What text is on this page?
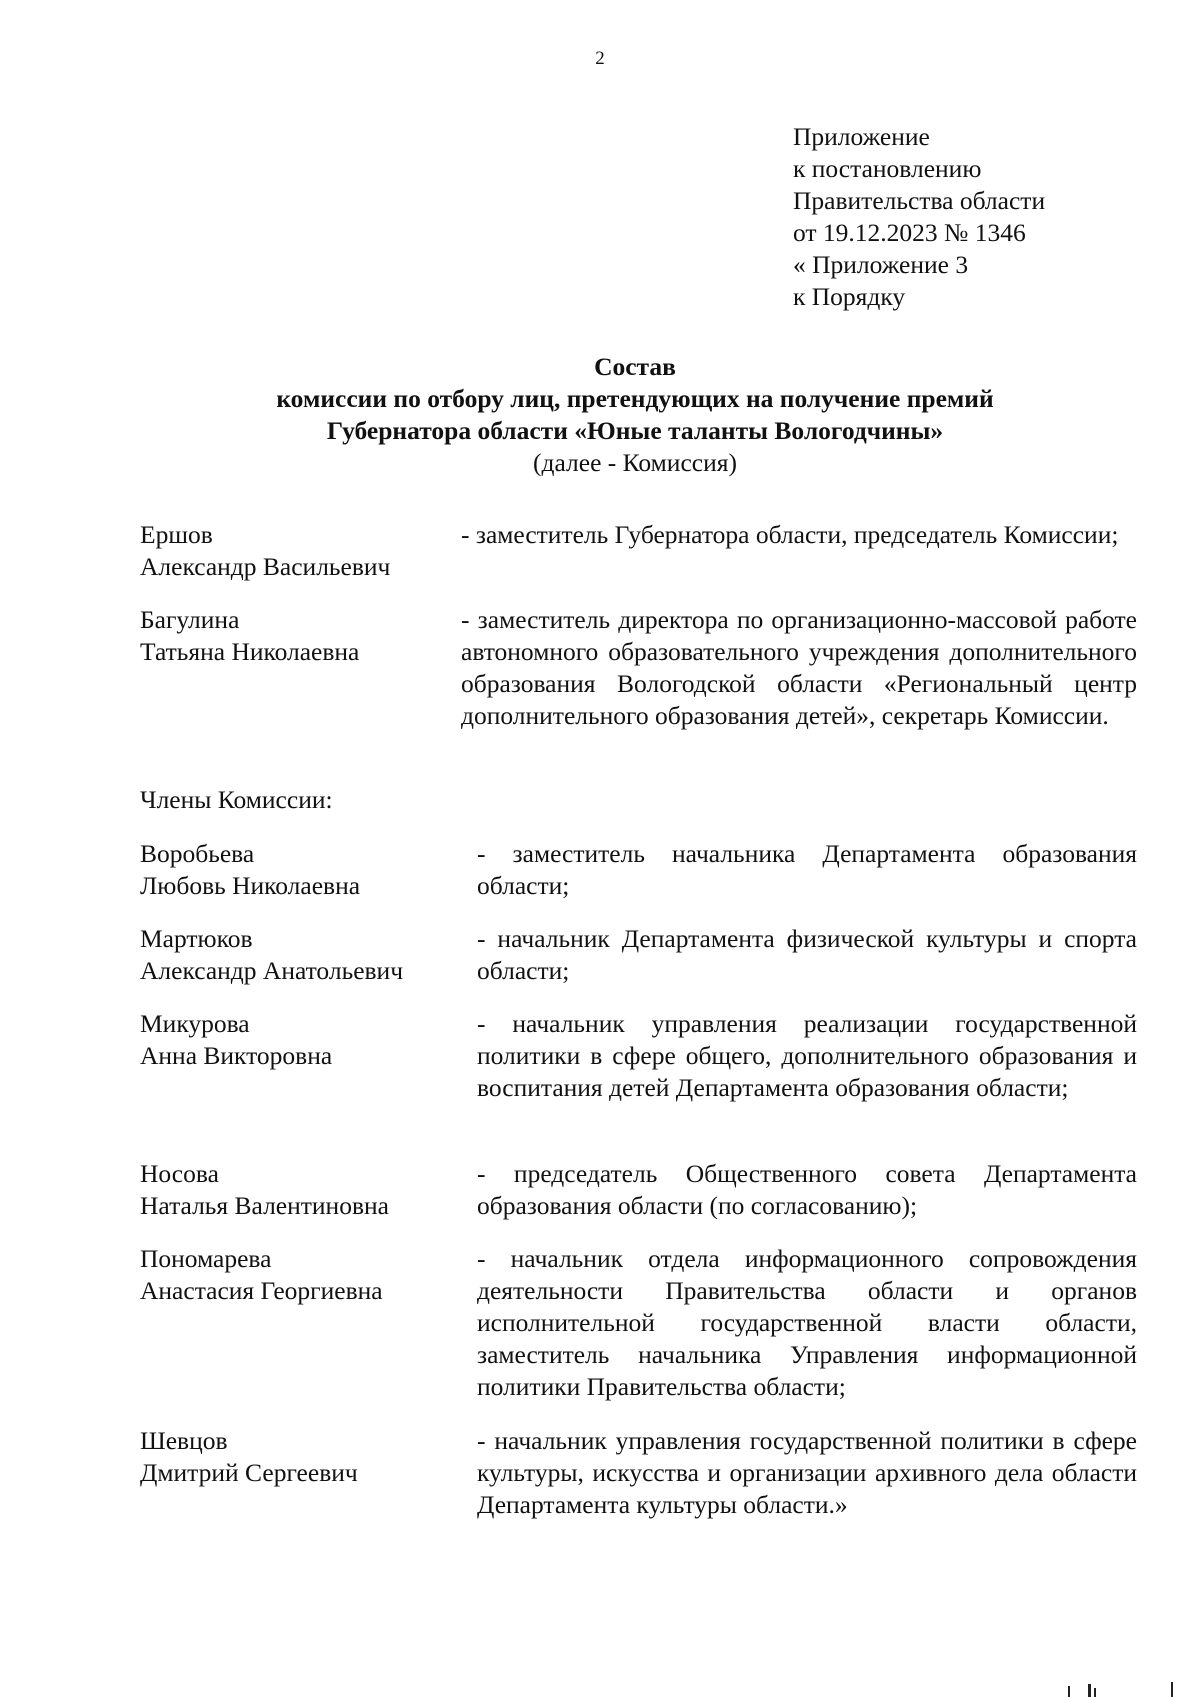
2
Приложение
к постановлению
Правительства области
от 19.12.2023 № 1346
« Приложение 3
к Порядку
Состав
комиссии по отбору лиц, претендующих на получение премий
Губернатора области «Юные таланты Вологодчины»
(далее - Комиссия)
Ершов
Александр Васильевич
- заместитель Губернатора области, председатель Комиссии;
Багулина
Татьяна Николаевна
- заместитель директора по организационно-массовой работе автономного образовательного учреждения дополнительного образования Вологодской области «Региональный центр дополнительного образования детей», секретарь Комиссии.
Члены Комиссии:
Воробьева
Любовь Николаевна
- заместитель начальника Департамента образования области;
Мартюков
Александр Анатольевич
- начальник Департамента физической культуры и спорта области;
Микурова
Анна Викторовна
- начальник управления реализации государственной политики в сфере общего, дополнительного образования и воспитания детей Департамента образования области;
Носова
Наталья Валентиновна
- председатель Общественного совета Департамента образования области (по согласованию);
Пономарева
Анастасия Георгиевна
- начальник отдела информационного сопровождения деятельности Правительства области и органов исполнительной государственной власти области, заместитель начальника Управления информационной политики Правительства области;
Шевцов
Дмитрий Сергеевич
- начальник управления государственной политики в сфере культуры, искусства и организации архивного дела области Департамента культуры области.»
